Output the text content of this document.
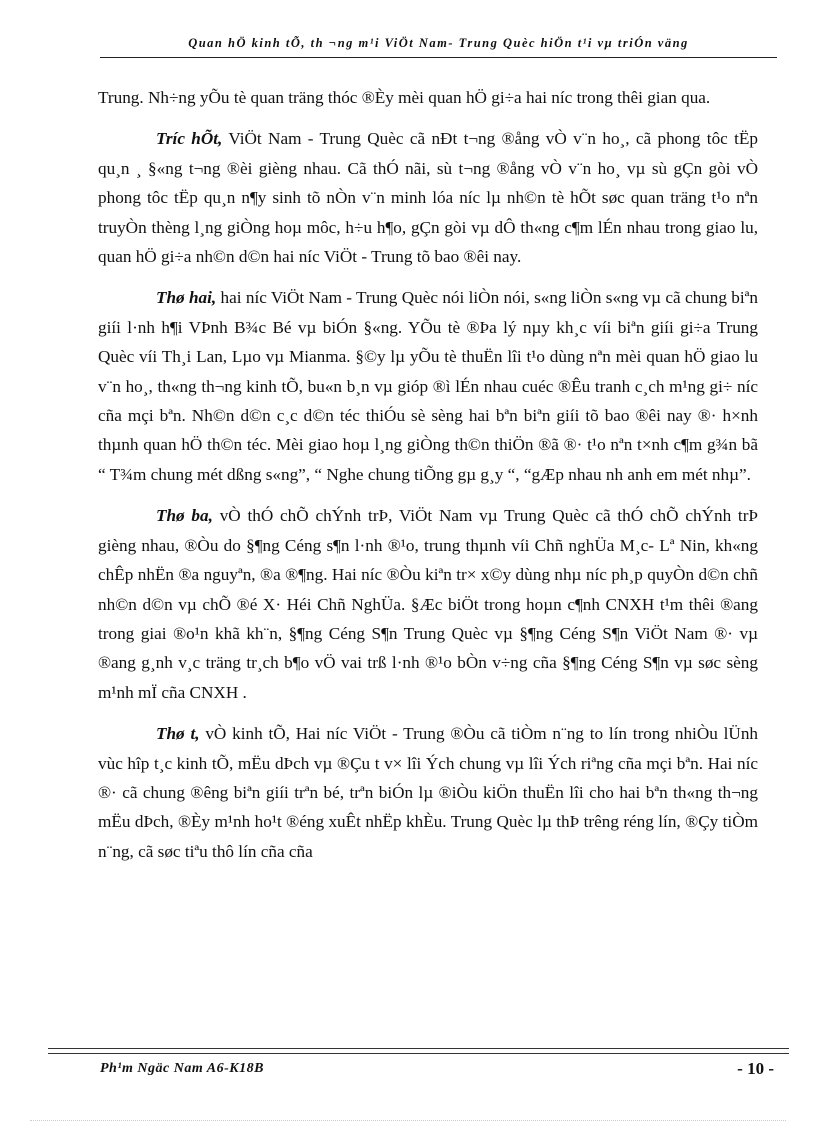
Quan hÖ kinh tÕ, th ¬ng m¹i ViÖt Nam- Trung Quèc hiÖn t¹i vµ triÓn väng

Trung. Nh÷ng yÕu tè quan träng thóc ®Èy mèi quan hÖ gi÷a hai níc trong thêi gian qua.

Tríc hÕt, ViÖt Nam - Trung Quèc cã nÐt t¬ng ®ång vÒ v¨n ho¸, cã phong tôc tËp qu¸n ¸ §«ng t¬ng ®èi gièng nhau. Cã thÓ nãi, sù t¬ng ®ång vÒ v¨n ho¸ vµ sù gÇn gòi vÒ phong tôc tËp qu¸n n¶y sinh tõ nÒn v¨n minh lóa níc lµ nh©n tè hÕt søc quan träng t¹o nªn truyÒn thèng l¸ng giÒng hoµ môc, h÷u h¶o, gÇn gòi vµ dÔ th«ng c¶m lÉn nhau trong giao lu, quan hÖ gi÷a nh©n d©n hai níc ViÖt - Trung tõ bao ®êi nay.

Thø hai, hai níc ViÖt Nam - Trung Quèc nói liÒn nói, s«ng liÒn s«ng vµ cã chung biªn giíi l·nh h¶i VÞnh B¾c Bé vµ biÓn §«ng. YÕu tè ®Þa lý nµy kh¸c víi biªn giíi gi÷a Trung Quèc víi Th¸i Lan, Lµo vµ Mianma. §©y lµ yÕu tè thuËn lîi t¹o dùng nªn mèi quan hÖ giao lu v¨n ho¸, th«ng th¬ng kinh tÕ, bu«n b¸n vµ gióp ®ì lÉn nhau cuéc ®Êu tranh c¸ch m¹ng gi÷ níc cña mçi bªn. Nh©n d©n c¸c d©n téc thiÓu sè sèng hai bªn biªn giíi tõ bao ®êi nay ®· h×nh thµnh quan hÖ th©n téc. Mèi giao hoµ l¸ng giÒng th©n thiÖn ®ã ®· t¹o nªn t×nh c¶m g¾n bã “ T¾m chung mét dßng s«ng”, “ Nghe chung tiÕng gµ g¸y “, “gÆp nhau nh anh em mét nhµ”.

Thø ba, vÒ thÓ chÕ chÝnh trÞ, ViÖt Nam vµ Trung Quèc cã thÓ chÕ chÝnh trÞ gièng nhau, ®Òu do §¶ng Céng s¶n l·nh ®¹o, trung thµnh víi Chñ nghÜa M¸c- Lª Nin, kh«ng chÊp nhËn ®a nguyªn, ®a ®¶ng. Hai níc ®Òu kiªn tr× x©y dùng nhµ níc ph¸p quyÒn d©n chñ nh©n d©n vµ chÕ ®é X· Héi Chñ NghÜa. §Æc biÖt trong hoµn c¶nh CNXH t¹m thêi ®ang trong giai ®o¹n khã kh¨n, §¶ng Céng S¶n Trung Quèc vµ §¶ng Céng S¶n ViÖt Nam ®· vµ ®ang g¸nh v¸c träng tr¸ch b¶o vÖ vai trß l·nh ®¹o bÒn v÷ng cña §¶ng Céng S¶n vµ søc sèng m¹nh mÏ cña CNXH .

Thø t, vÒ kinh tÕ, Hai níc ViÖt - Trung ®Òu cã tiÒm n¨ng to lín trong nhiÒu lÜnh vùc hîp t¸c kinh tÕ, mËu dÞch vµ ®Çu t v× lîi Ých chung vµ lîi Ých riªng cña mçi bªn. Hai níc ®· cã chung ®êng biªn giíi trªn bé, trªn biÓn lµ ®iÒu kiÖn thuËn lîi cho hai bªn th«ng th¬ng mËu dÞch, ®Èy m¹nh ho¹t ®éng xuÊt nhËp khÈu. Trung Quèc lµ thÞ trêng réng lín, ®Çy tiÒm n¨ng, cã søc tiªu thô lín cña cña

Ph¹m Ngäc Nam A6-K18B	- 10 -
